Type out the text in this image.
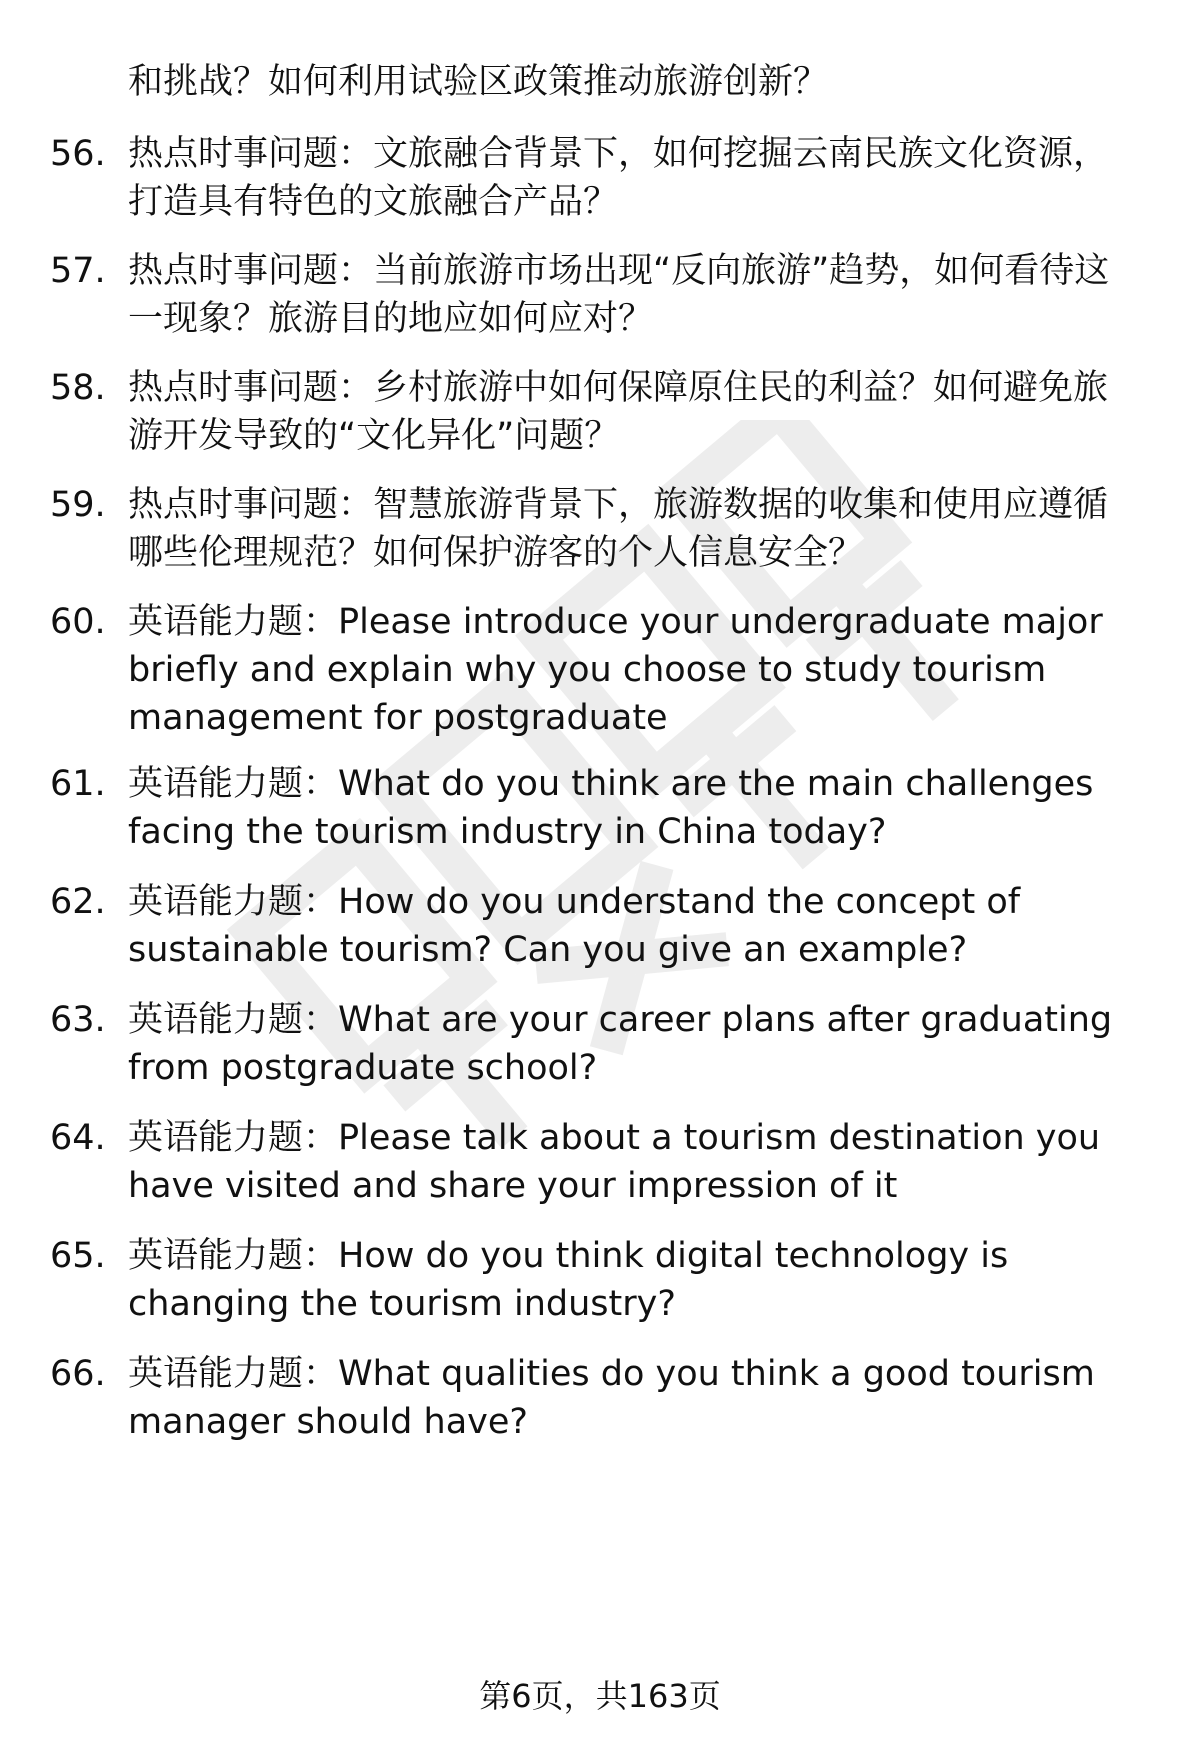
和挑战？如何利用试验区政策推动旅游创新？
56. 热点时事问题：文旅融合背景下，如何挖掘云南民族文化资源，打造具有特色的文旅融合产品？
57. 热点时事问题：当前旅游市场出现“反向旅游”趋势，如何看待这一现象？旅游目的地应如何应对？
58. 热点时事问题：乡村旅游中如何保障原住民的利益？如何避免旅游开发导致的“文化异化”问题？
59. 热点时事问题：智慧旅游背景下，旅游数据的收集和使用应遵循哪些伦理规范？如何保护游客的个人信息安全？
60. 英语能力题：Please introduce your undergraduate major briefly and explain why you choose to study tourism management for postgraduate
61. 英语能力题：What do you think are the main challenges facing the tourism industry in China today?
62. 英语能力题：How do you understand the concept of sustainable tourism? Can you give an example?
63. 英语能力题：What are your career plans after graduating from postgraduate school?
64. 英语能力题：Please talk about a tourism destination you have visited and share your impression of it
65. 英语能力题：How do you think digital technology is changing the tourism industry?
66. 英语能力题：What qualities do you think a good tourism manager should have?
第6页，共163页
